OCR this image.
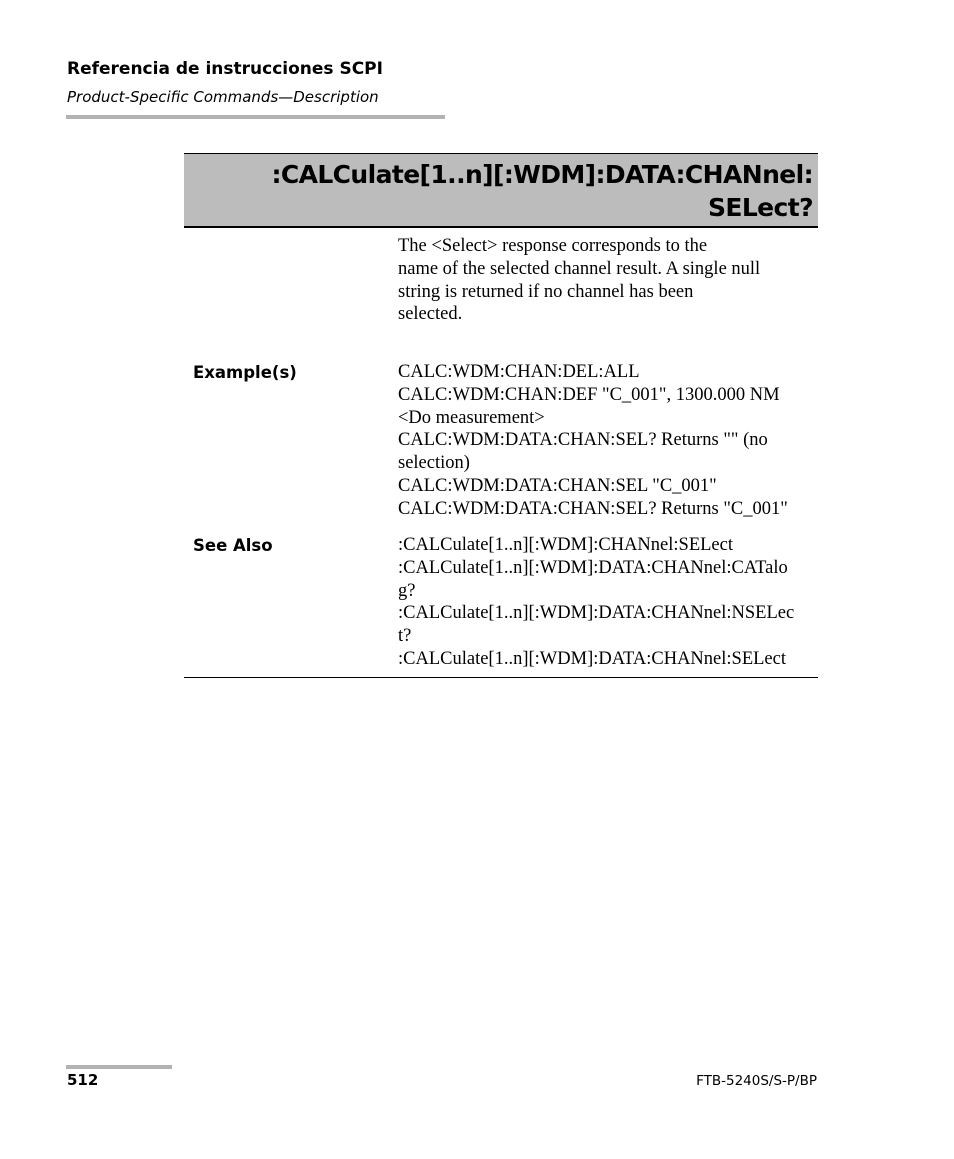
Referencia de instrucciones SCPI
Product-Specific Commands—Description
:CALCulate[1..n][:WDM]:DATA:CHANnel:
SELect?
The <Select> response corresponds to the
name of the selected channel result. A single null
string is returned if no channel has been
selected.
Example(s)	CALC:WDM:CHAN:DEL:ALL
CALC:WDM:CHAN:DEF "C_001", 1300.000 NM
<Do measurement>
CALC:WDM:DATA:CHAN:SEL? Returns "" (no
selection)
CALC:WDM:DATA:CHAN:SEL "C_001"
CALC:WDM:DATA:CHAN:SEL? Returns "C_001"
See Also	:CALCulate[1..n][:WDM]:CHANnel:SELect
:CALCulate[1..n][:WDM]:DATA:CHANnel:CATalo
g?
:CALCulate[1..n][:WDM]:DATA:CHANnel:NSELec
t?
:CALCulate[1..n][:WDM]:DATA:CHANnel:SELect
512	FTB-5240S/S-P/BP
